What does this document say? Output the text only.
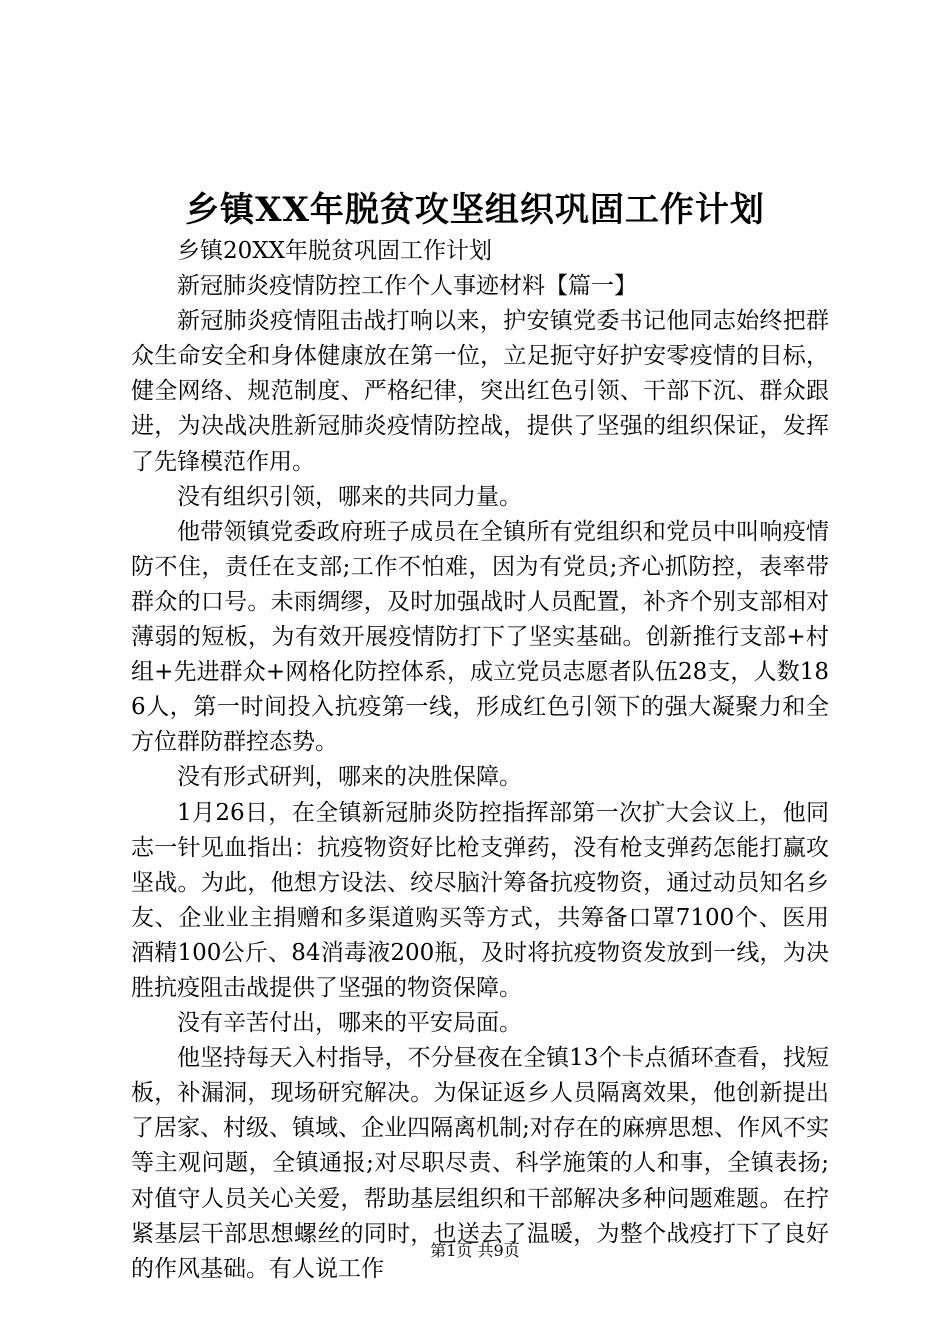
乡镇XX年脱贫攻坚组织巩固工作计划

乡镇20XX年脱贫巩固工作计划

新冠肺炎疫情防控工作个人事迹材料【篇一】

新冠肺炎疫情阻击战打响以来，护安镇党委书记他同志始终把群众生命安全和身体健康放在第一位，立足扼守好护安零疫情的目标，健全网络、规范制度、严格纪律，突出红色引领、干部下沉、群众跟进，为决战决胜新冠肺炎疫情防控战，提供了坚强的组织保证，发挥了先锋模范作用。

没有组织引领，哪来的共同力量。

他带领镇党委政府班子成员在全镇所有党组织和党员中叫响疫情防不住，责任在支部;工作不怕难，因为有党员;齐心抓防控，表率带群众的口号。未雨绸缪，及时加强战时人员配置，补齐个别支部相对薄弱的短板，为有效开展疫情防打下了坚实基础。创新推行支部+村组+先进群众+网格化防控体系，成立党员志愿者队伍28支，人数186人，第一时间投入抗疫第一线，形成红色引领下的强大凝聚力和全方位群防群控态势。

没有形式研判，哪来的决胜保障。

1月26日，在全镇新冠肺炎防控指挥部第一次扩大会议上，他同志一针见血指出：抗疫物资好比枪支弹药，没有枪支弹药怎能打赢攻坚战。为此，他想方设法、绞尽脑汁筹备抗疫物资，通过动员知名乡友、企业业主捐赠和多渠道购买等方式，共筹备口罩7100个、医用酒精100公斤、84消毒液200瓶，及时将抗疫物资发放到一线，为决胜抗疫阻击战提供了坚强的物资保障。

没有辛苦付出，哪来的平安局面。

他坚持每天入村指导，不分昼夜在全镇13个卡点循环查看，找短板，补漏洞，现场研究解决。为保证返乡人员隔离效果，他创新提出了居家、村级、镇域、企业四隔离机制;对存在的麻痹思想、作风不实等主观问题，全镇通报;对尽职尽责、科学施策的人和事，全镇表扬;对值守人员关心关爱，帮助基层组织和干部解决多种问题难题。在拧紧基层干部思想螺丝的同时，也送去了温暖，为整个战疫打下了良好的作风基础。有人说工作

第1页 共9页
